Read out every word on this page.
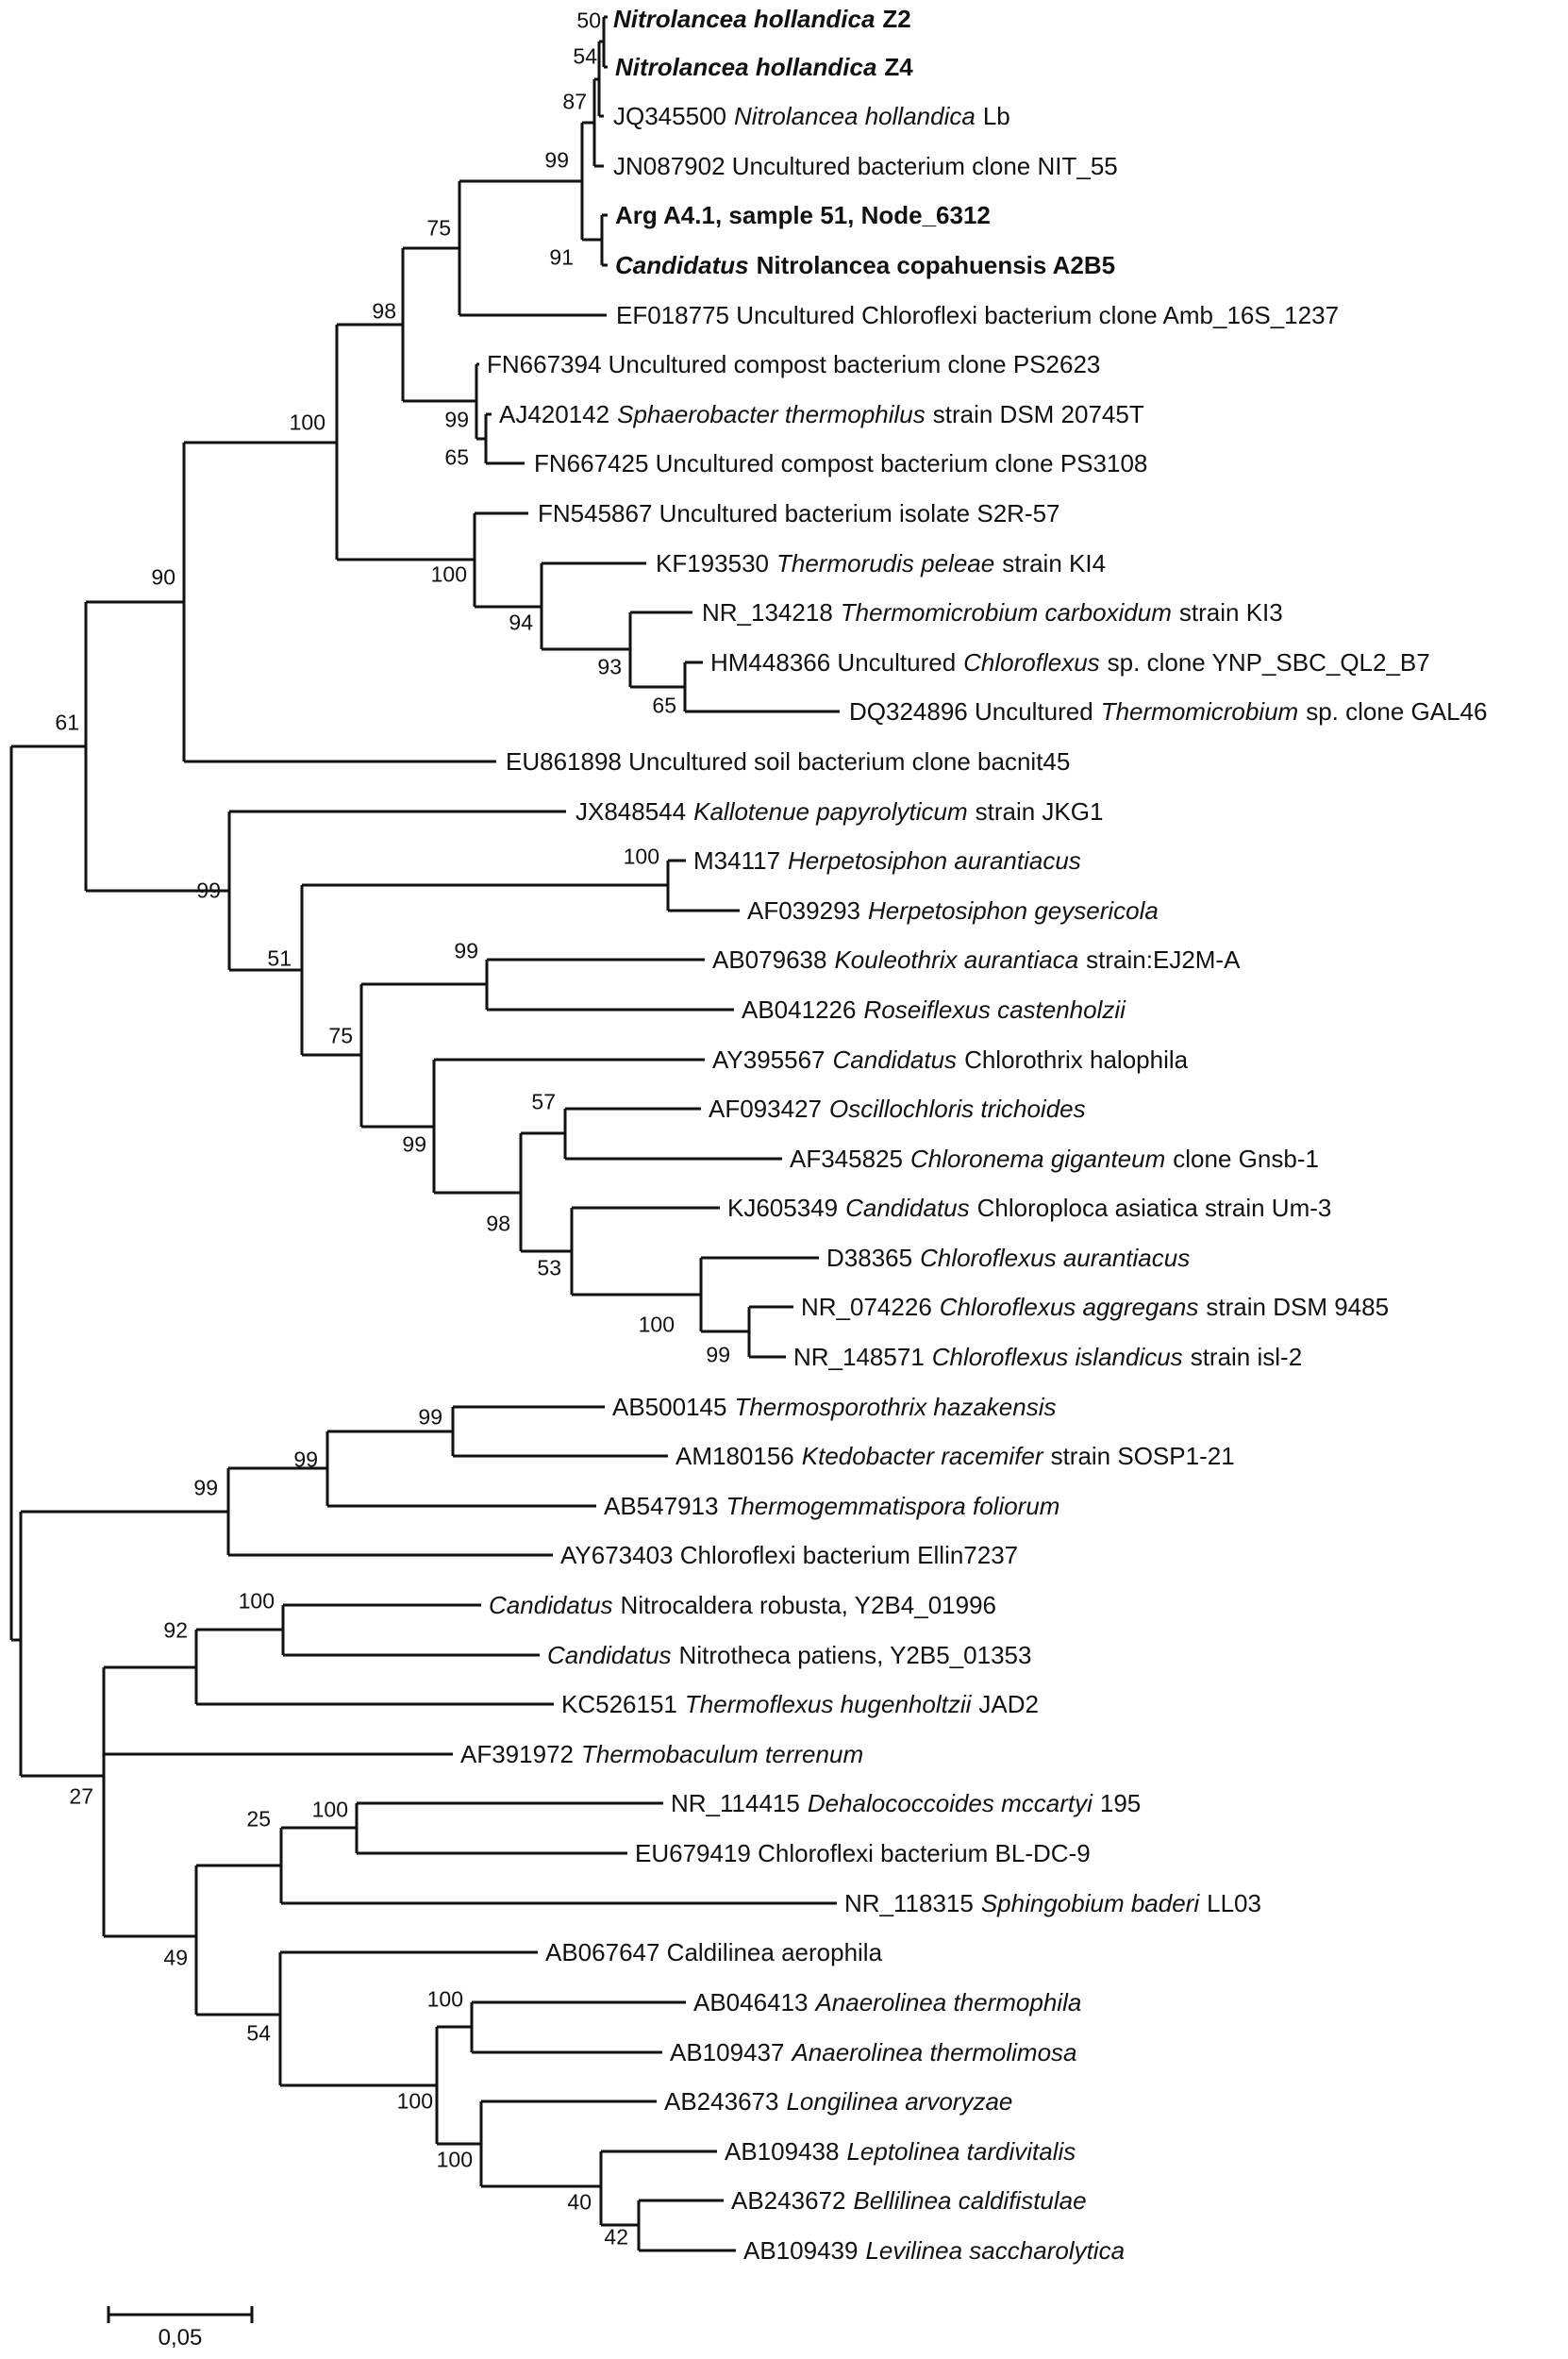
Nitrolancea hollandica Z2
Nitrolancea hollandica Z4
JQ345500 Nitrolancea hollandica Lb
JN087902 Uncultured bacterium clone NIT_55
Arg A4.1, sample 51, Node_6312
Candidatus Nitrolancea copahuensis A2B5
EF018775 Uncultured Chloroflexi bacterium clone Amb_16S_1237
FN667394 Uncultured compost bacterium clone PS2623
AJ420142 Sphaerobacter thermophilus strain DSM 20745T
FN667425 Uncultured compost bacterium clone PS3108
FN545867 Uncultured bacterium isolate S2R-57
KF193530 Thermorudis peleae strain KI4
NR_134218 Thermomicrobium carboxidum strain KI3
HM448366 Uncultured Chloroflexus sp. clone YNP_SBC_QL2_B7
DQ324896 Uncultured Thermomicrobium sp. clone GAL46
EU861898 Uncultured soil bacterium clone bacnit45
JX848544 Kallotenue papyrolyticum strain JKG1
M34117 Herpetosiphon aurantiacus
AF039293 Herpetosiphon geysericola
AB079638 Kouleothrix aurantiaca strain:EJ2M-A
AB041226 Roseiflexus castenholzii
AY395567 Candidatus Chlorothrix halophila
AF093427 Oscillochloris trichoides
AF345825 Chloronema giganteum clone Gnsb-1
KJ605349 Candidatus Chloroploca asiatica strain Um-3
D38365 Chloroflexus aurantiacus
NR_074226 Chloroflexus aggregans strain DSM 9485
NR_148571 Chloroflexus islandicus strain isl-2
AB500145 Thermosporothrix hazakensis
AM180156 Ktedobacter racemifer strain SOSP1-21
AB547913 Thermogemmatispora foliorum
AY673403 Chloroflexi bacterium Ellin7237
Candidatus Nitrocaldera robusta, Y2B4_01996
Candidatus Nitrotheca patiens, Y2B5_01353
KC526151 Thermoflexus hugenholtzii JAD2
AF391972 Thermobaculum terrenum
NR_114415 Dehalococcoides mccartyi 195
EU679419 Chloroflexi bacterium BL-DC-9
NR_118315 Sphingobium baderi LL03
AB067647 Caldilinea aerophila
AB046413 Anaerolinea thermophila
AB109437 Anaerolinea thermolimosa
AB243673 Longilinea arvoryzae
AB109438 Leptolinea tardivitalis
AB243672 Bellilinea caldifistulae
AB109439 Levilinea saccharolytica
50
54
87
99
75
91
98
99
65
100
100
94
93
65
90
61
99
51
100
99
75
99
57
98
53
100
99
99
99
99
100
92
27
100
25
49
54
100
100
100
40
42
0,05
